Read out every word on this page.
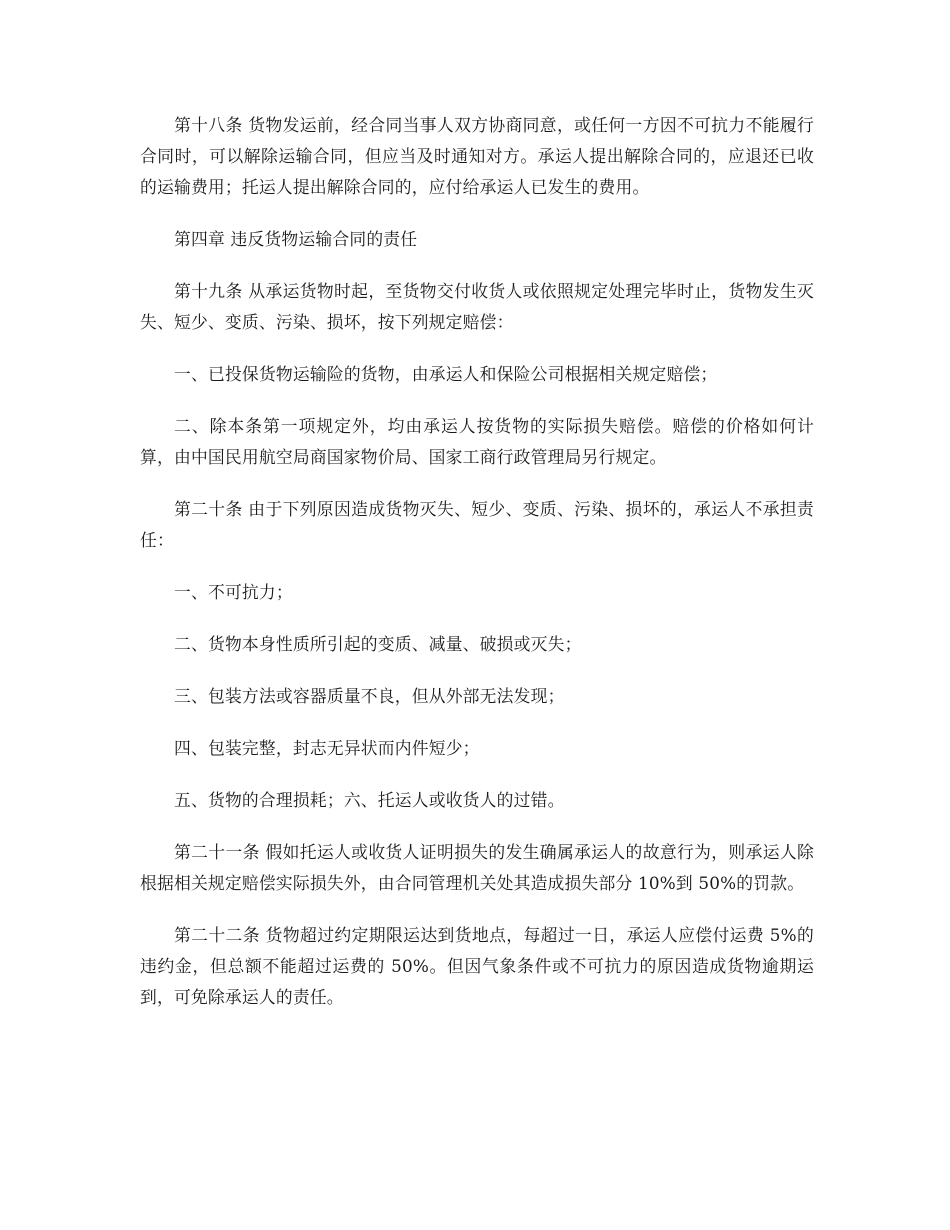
第十八条 货物发运前，经合同当事人双方协商同意，或任何一方因不可抗力不能履行合同时，可以解除运输合同，但应当及时通知对方。承运人提出解除合同的，应退还已收的运输费用；托运人提出解除合同的，应付给承运人已发生的费用。

第四章 违反货物运输合同的责任

第十九条 从承运货物时起，至货物交付收货人或依照规定处理完毕时止，货物发生灭失、短少、变质、污染、损坏，按下列规定赔偿：

一、已投保货物运输险的货物，由承运人和保险公司根据相关规定赔偿；

二、除本条第一项规定外，均由承运人按货物的实际损失赔偿。赔偿的价格如何计算，由中国民用航空局商国家物价局、国家工商行政管理局另行规定。

第二十条 由于下列原因造成货物灭失、短少、变质、污染、损坏的，承运人不承担责任：

一、不可抗力；

二、货物本身性质所引起的变质、减量、破损或灭失；

三、包装方法或容器质量不良，但从外部无法发现；

四、包装完整，封志无异状而内件短少；

五、货物的合理损耗；六、托运人或收货人的过错。

第二十一条 假如托运人或收货人证明损失的发生确属承运人的故意行为，则承运人除根据相关规定赔偿实际损失外，由合同管理机关处其造成损失部分 10%到 50%的罚款。

第二十二条 货物超过约定期限运达到货地点，每超过一日，承运人应偿付运费 5%的违约金，但总额不能超过运费的 50%。但因气象条件或不可抗力的原因造成货物逾期运到，可免除承运人的责任。
